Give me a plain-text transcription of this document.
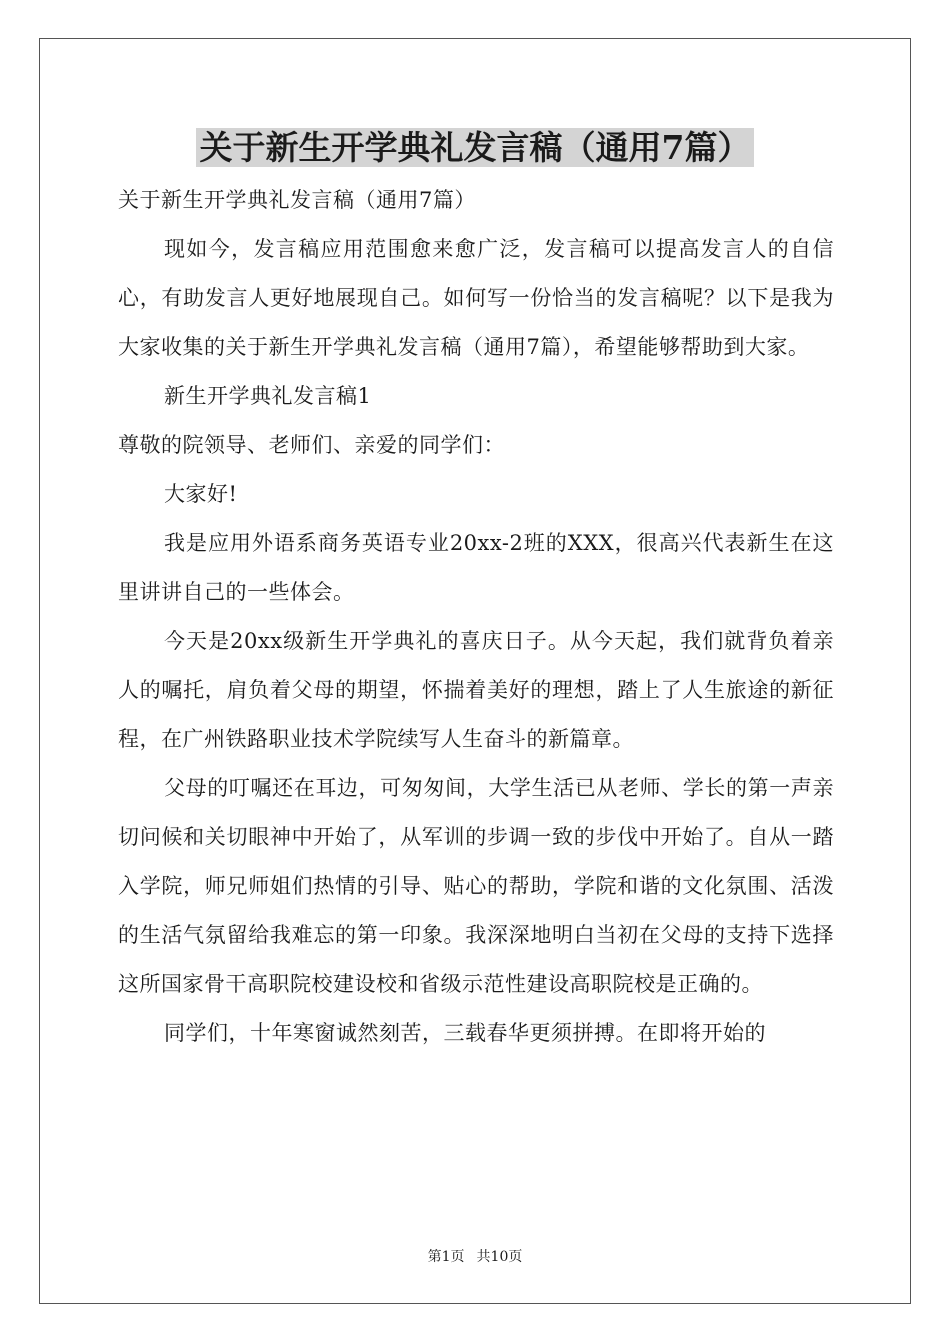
关于新生开学典礼发言稿（通用7篇）

关于新生开学典礼发言稿（通用7篇）

现如今，发言稿应用范围愈来愈广泛，发言稿可以提高发言人的自信心，有助发言人更好地展现自己。如何写一份恰当的发言稿呢？以下是我为大家收集的关于新生开学典礼发言稿（通用7篇），希望能够帮助到大家。

新生开学典礼发言稿1

尊敬的院领导、老师们、亲爱的同学们：

大家好!

我是应用外语系商务英语专业20xx-2班的XXX，很高兴代表新生在这里讲讲自己的一些体会。

今天是20xx级新生开学典礼的喜庆日子。从今天起，我们就背负着亲人的嘱托，肩负着父母的期望，怀揣着美好的理想，踏上了人生旅途的新征程，在广州铁路职业技术学院续写人生奋斗的新篇章。

父母的叮嘱还在耳边，可匆匆间，大学生活已从老师、学长的第一声亲切问候和关切眼神中开始了，从军训的步调一致的步伐中开始了。自从一踏入学院，师兄师姐们热情的引导、贴心的帮助，学院和谐的文化氛围、活泼的生活气氛留给我难忘的第一印象。我深深地明白当初在父母的支持下选择这所国家骨干高职院校建设校和省级示范性建设高职院校是正确的。

同学们，十年寒窗诚然刻苦，三载春华更须拼搏。在即将开始的

第1页 共10页
